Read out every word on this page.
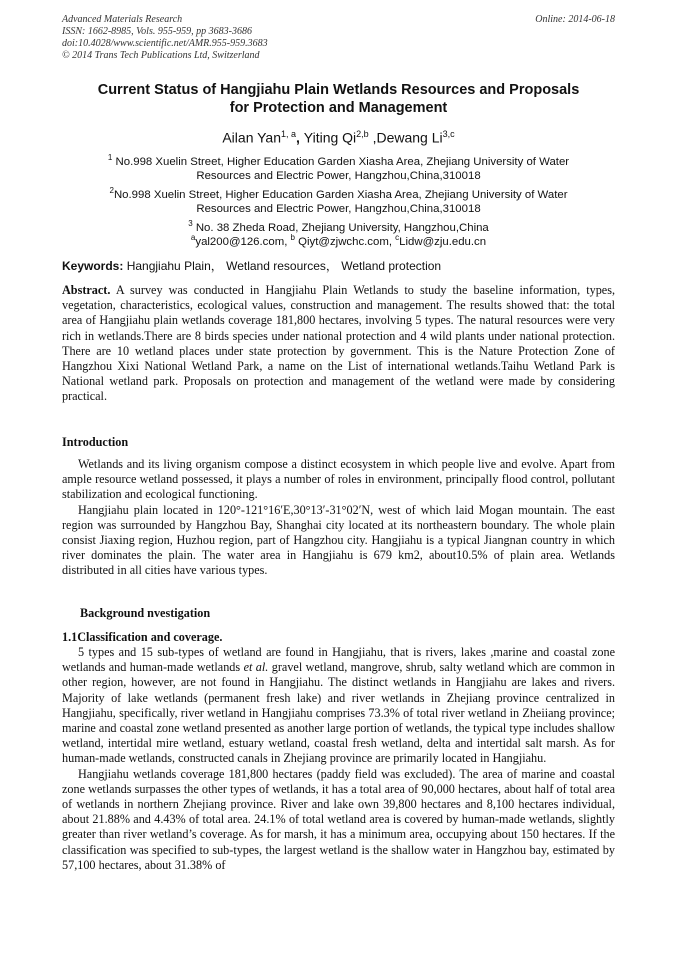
Advanced Materials Research
ISSN: 1662-8985, Vols. 955-959, pp 3683-3686
doi:10.4028/www.scientific.net/AMR.955-959.3683
© 2014 Trans Tech Publications Ltd, Switzerland
Online: 2014-06-18
Current Status of Hangjiahu Plain Wetlands Resources and Proposals
for Protection and Management
Ailan Yan$^{1, a}$, Yiting Qi$^{2,b}$ ,Dewang Li$^{3,c}$
$^1$ No.998 Xuelin Street, Higher Education Garden Xiasha Area, Zhejiang University of Water
Resources and Electric Power, Hangzhou,China,310018
$^2$No.998 Xuelin Street, Higher Education Garden Xiasha Area, Zhejiang University of Water
Resources and Electric Power, Hangzhou,China,310018
$^3$ No. 38 Zheda Road, Zhejiang University, Hangzhou,China
$^a$yal200@126.com, $^b$ Qiyt@zjwchc.com, $^c$Lidw@zju.edu.cn
Keywords: Hangjiahu Plain， Wetland resources， Wetland protection

Abstract. A survey was conducted in Hangjiahu Plain Wetlands to study the baseline information, types, vegetation, characteristics, ecological values, construction and management. The results showed that: the total area of Hangjiahu plain wetlands coverage 181,800 hectares, involving 5 types. The natural resources were very rich in wetlands.There are 8 birds species under national protection and 4 wild plants under national protection. There are 10 wetland places under state protection by government. This is the Nature Protection Zone of Hangzhou Xixi National Wetland Park, a name on the List of international wetlands.Taihu Wetland Park is National wetland park. Proposals on protection and management of the wetland were made by considering practical.

Introduction

Wetlands and its living organism compose a distinct ecosystem in which people live and evolve. Apart from ample resource wetland possessed, it plays a number of roles in environment, principally flood control, pollutant stabilization and ecological functioning.

Hangjiahu plain located in 120°-121°16′E,30°13′-31°02′N, west of which laid Mogan mountain. The east region was surrounded by Hangzhou Bay, Shanghai city located at its northeastern boundary. The whole plain consist Jiaxing region, Huzhou region, part of Hangzhou city. Hangjiahu is a typical Jiangnan country in which river dominates the plain. The water area in Hangjiahu is 679 km2, about10.5% of plain area. Wetlands distributed in all cities have various types.

Background nvestigation
1.1Classification and coverage.

5 types and 15 sub-types of wetland are found in Hangjiahu, that is rivers, lakes ,marine and coastal zone wetlands and human-made wetlands et al. gravel wetland, mangrove, shrub, salty wetland which are common in other region, however, are not found in Hangjiahu. The distinct wetlands in Hangjiahu are lakes and rivers. Majority of lake wetlands (permanent fresh lake) and river wetlands in Zhejiang province centralized in Hangjiahu, specifically, river wetland in Hangjiahu comprises 73.3% of total river wetland in Zheiiang province; marine and coastal zone wetland presented as another large portion of wetlands, the typical type includes shallow wetland, intertidal mire wetland, estuary wetland, coastal fresh wetland, delta and intertidal salt marsh. As for human-made wetlands, constructed canals in Zhejiang province are primarily located in Hangjiahu.

Hangjiahu wetlands coverage 181,800 hectares (paddy field was excluded). The area of marine and coastal zone wetlands surpasses the other types of wetlands, it has a total area of 90,000 hectares, about half of total area of wetlands in northern Zhejiang province. River and lake own 39,800 hectares and 8,100 hectares individual, about 21.88% and 4.43% of total area. 24.1% of total wetland area is covered by human-made wetlands, slightly greater than river wetland’s coverage. As for marsh, it has a minimum area, occupying about 150 hectares. If the classification was specified to sub-types, the largest wetland is the shallow water in Hangzhou bay, estimated by 57,100 hectares, about 31.38% of
